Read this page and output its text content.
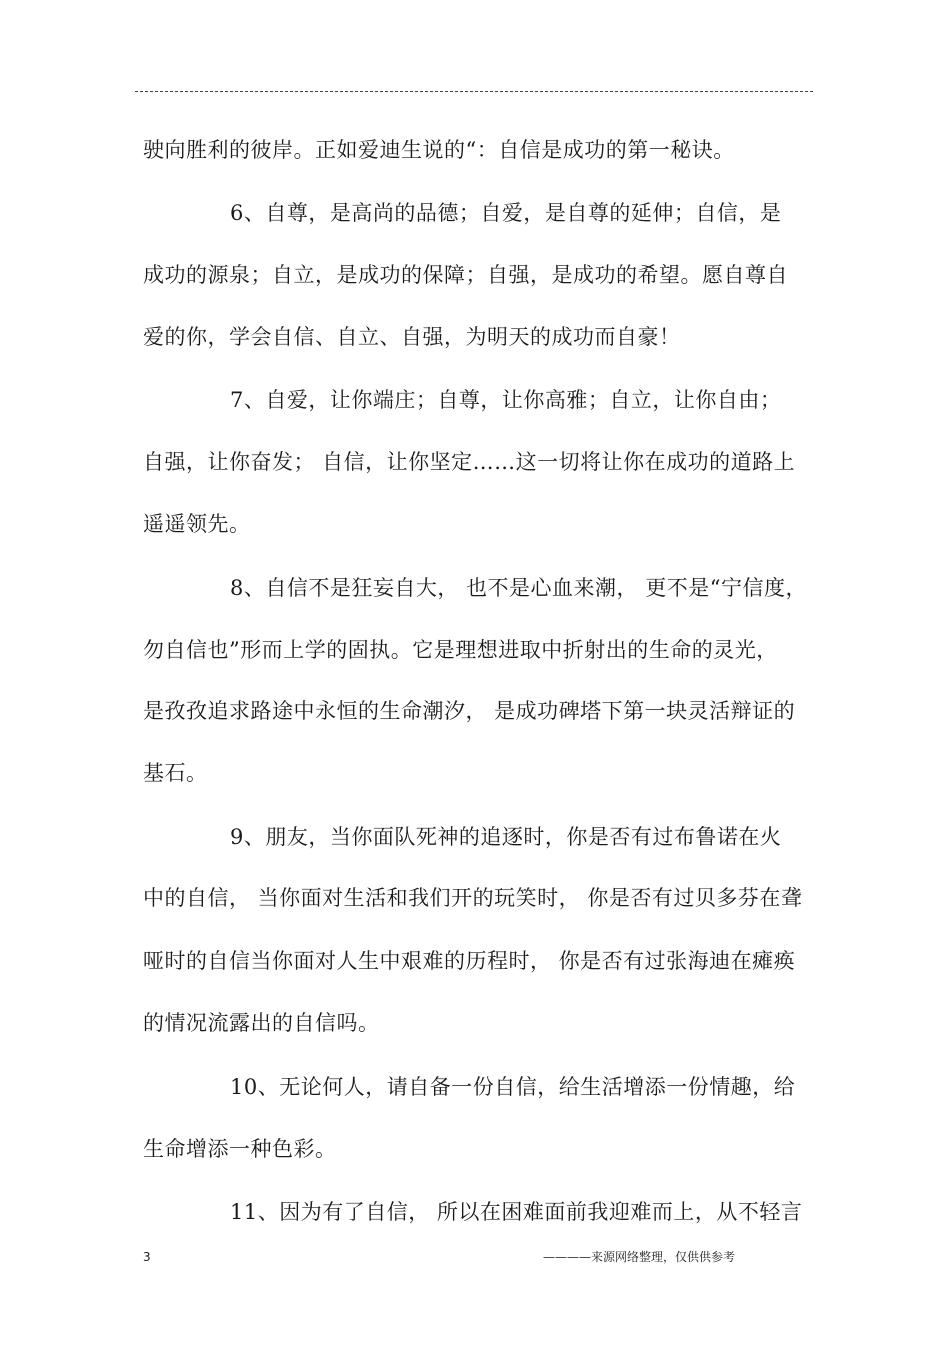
驶向胜利的彼岸。正如爱迪生说的“：自信是成功的第一秘诀。
6、自尊，是高尚的品德；自爱，是自尊的延伸；自信，是
成功的源泉；自立，是成功的保障；自强，是成功的希望。愿自尊自
爱的你，学会自信、自立、自强，为明天的成功而自豪！
7、自爱，让你端庄；自尊，让你高雅；自立，让你自由；
自强，让你奋发； 自信，让你坚定……这一切将让你在成功的道路上
遥遥领先。
8、自信不是狂妄自大， 也不是心血来潮， 更不是“宁信度，
勿自信也”形而上学的固执。它是理想进取中折射出的生命的灵光，
是孜孜追求路途中永恒的生命潮汐， 是成功碑塔下第一块灵活辩证的
基石。
9、朋友，当你面队死神的追逐时，你是否有过布鲁诺在火
中的自信， 当你面对生活和我们开的玩笑时， 你是否有过贝多芬在聋
哑时的自信当你面对人生中艰难的历程时， 你是否有过张海迪在瘫痪
的情况流露出的自信吗。
10、无论何人，请自备一份自信，给生活增添一份情趣，给
生命增添一种色彩。
11、因为有了自信， 所以在困难面前我迎难而上，从不轻言
3	————来源网络整理，仅供供参考
